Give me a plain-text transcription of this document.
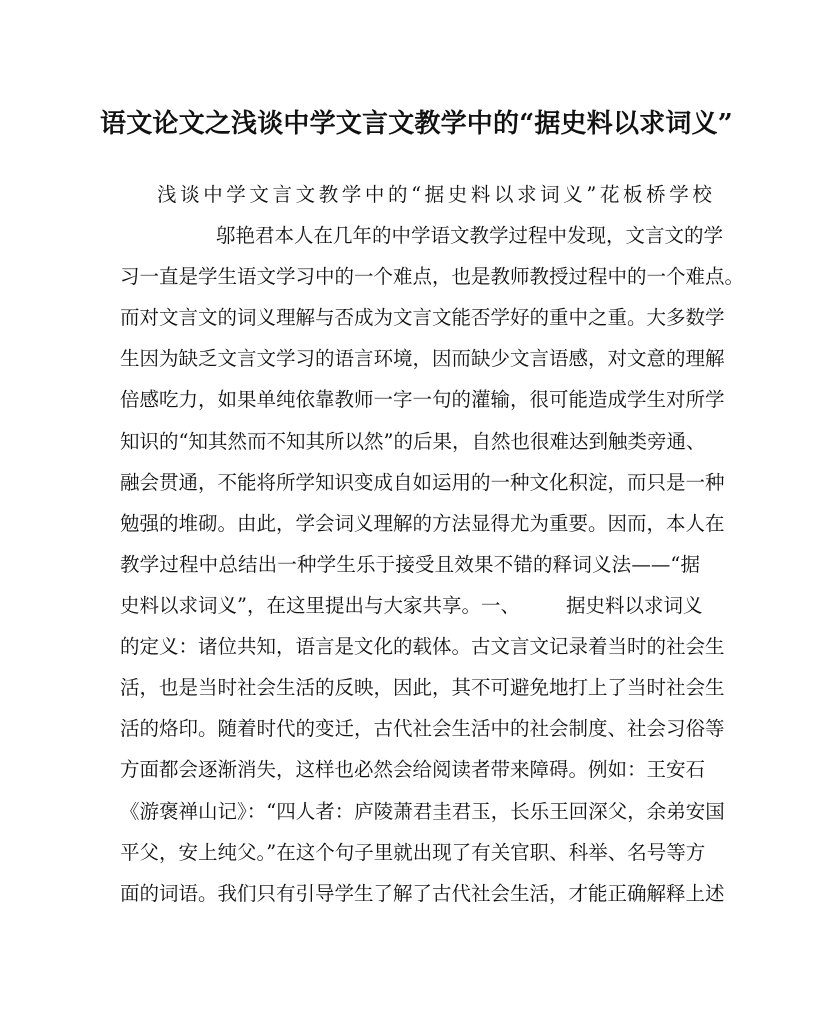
语文论文之浅谈中学文言文教学中的“据史料以求词义”
浅谈中学文言文教学中的“据史料以求词义”花板桥学校
邬艳君本人在几年的中学语文教学过程中发现，文言文的学
习一直是学生语文学习中的一个难点，也是教师教授过程中的一个难点。
而对文言文的词义理解与否成为文言文能否学好的重中之重。大多数学
生因为缺乏文言文学习的语言环境，因而缺少文言语感，对文意的理解
倍感吃力，如果单纯依靠教师一字一句的灌输，很可能造成学生对所学
知识的“知其然而不知其所以然”的后果，自然也很难达到触类旁通、
融会贯通，不能将所学知识变成自如运用的一种文化积淀，而只是一种
勉强的堆砌。由此，学会词义理解的方法显得尤为重要。因而，本人在
教学过程中总结出一种学生乐于接受且效果不错的释词义法——“据
史料以求词义”，在这里提出与大家共享。一、 据史料以求词义
的定义：诸位共知，语言是文化的载体。古文言文记录着当时的社会生
活，也是当时社会生活的反映，因此，其不可避免地打上了当时社会生
活的烙印。随着时代的变迁，古代社会生活中的社会制度、社会习俗等
方面都会逐渐消失，这样也必然会给阅读者带来障碍。例如：王安石
《游褒禅山记》：“四人者：庐陵萧君圭君玉，长乐王回深父，余弟安国
平父，安上纯父。”在这个句子里就出现了有关官职、科举、名号等方
面的词语。我们只有引导学生了解了古代社会生活，才能正确解释上述
